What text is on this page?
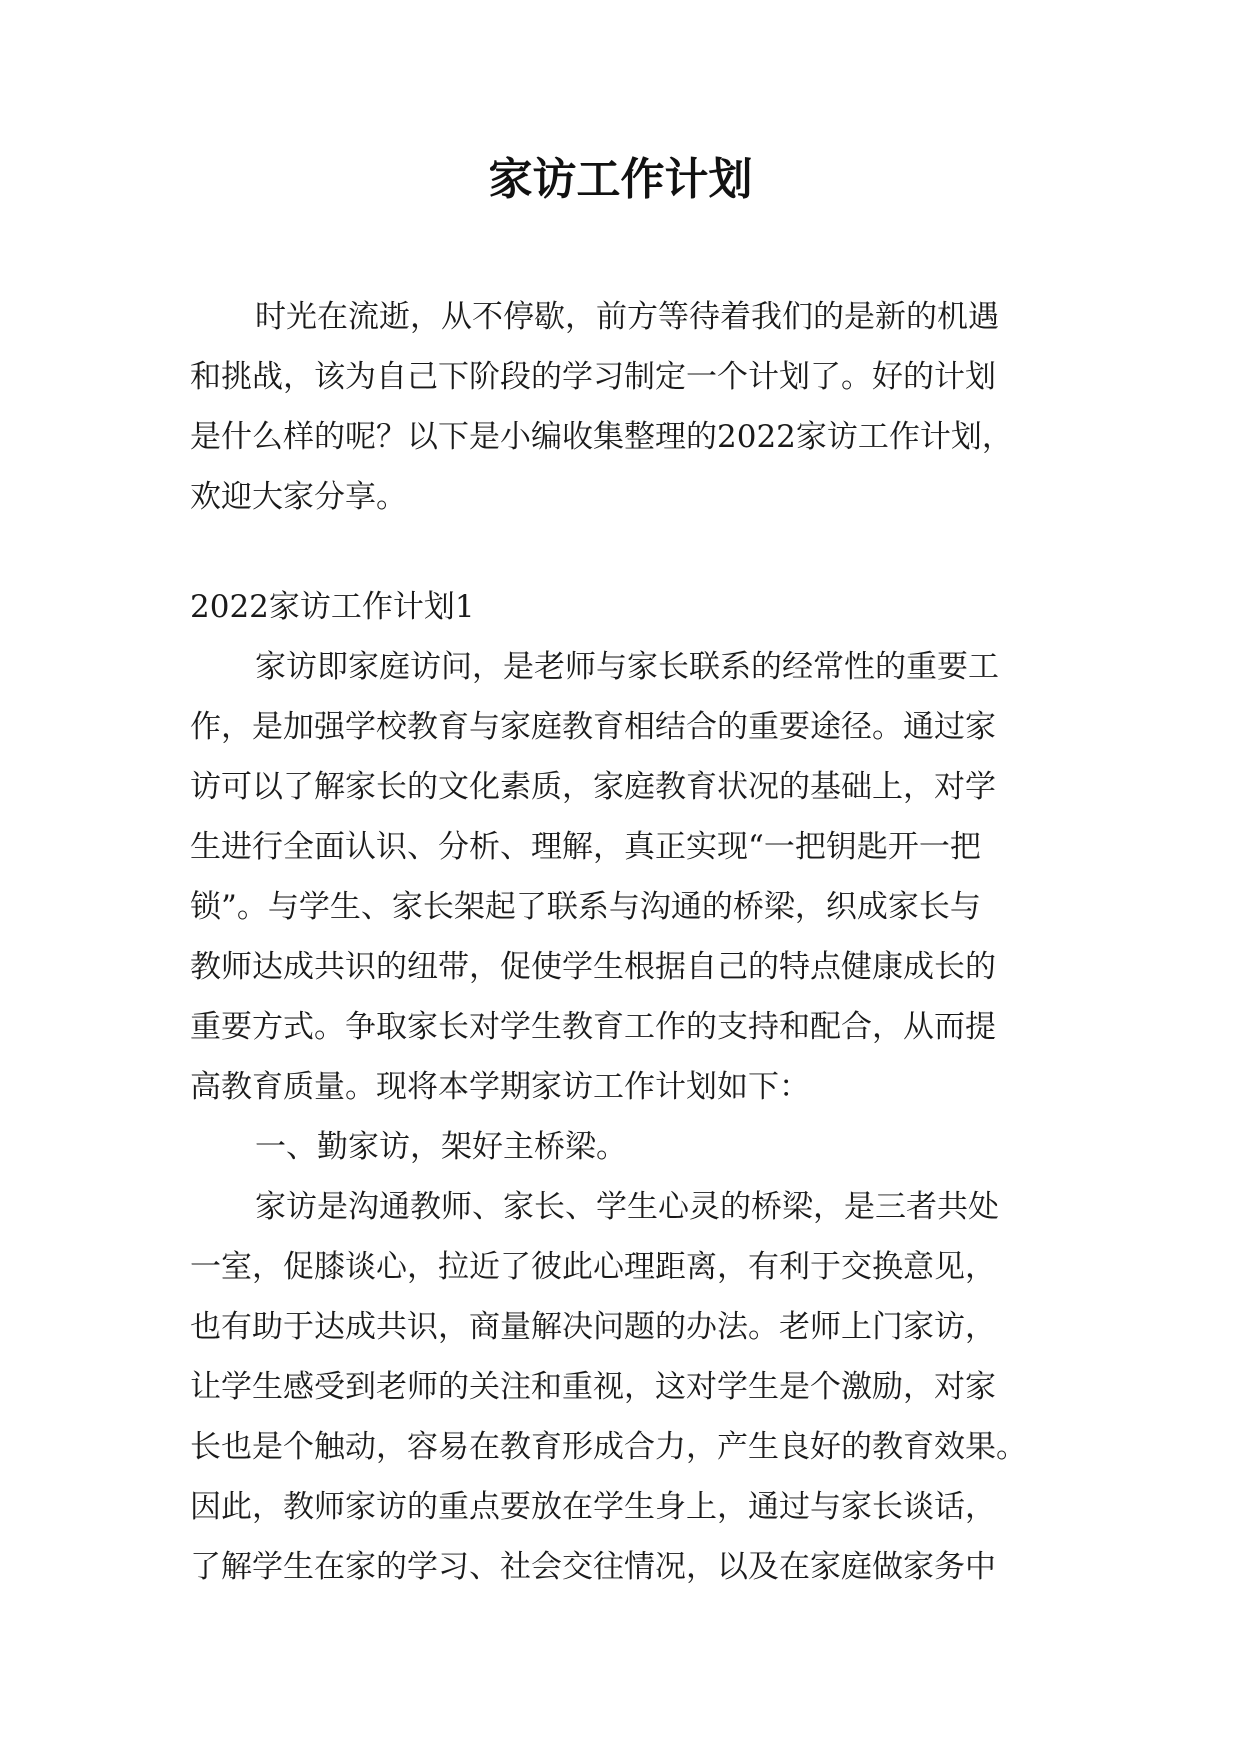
家访工作计划

时光在流逝，从不停歇，前方等待着我们的是新的机遇

和挑战，该为自己下阶段的学习制定一个计划了。好的计划

是什么样的呢？以下是小编收集整理的2022家访工作计划，

欢迎大家分享。

2022家访工作计划1

家访即家庭访问，是老师与家长联系的经常性的重要工

作，是加强学校教育与家庭教育相结合的重要途径。通过家

访可以了解家长的文化素质，家庭教育状况的基础上，对学

生进行全面认识、分析、理解，真正实现“一把钥匙开一把

锁”。与学生、家长架起了联系与沟通的桥梁，织成家长与

教师达成共识的纽带，促使学生根据自己的特点健康成长的

重要方式。争取家长对学生教育工作的支持和配合，从而提

高教育质量。现将本学期家访工作计划如下：

一、勤家访，架好主桥梁。

家访是沟通教师、家长、学生心灵的桥梁，是三者共处

一室，促膝谈心，拉近了彼此心理距离，有利于交换意见，

也有助于达成共识，商量解决问题的办法。老师上门家访，

让学生感受到老师的关注和重视，这对学生是个激励，对家

长也是个触动，容易在教育形成合力，产生良好的教育效果。

因此，教师家访的重点要放在学生身上，通过与家长谈话，

了解学生在家的学习、社会交往情况，以及在家庭做家务中
